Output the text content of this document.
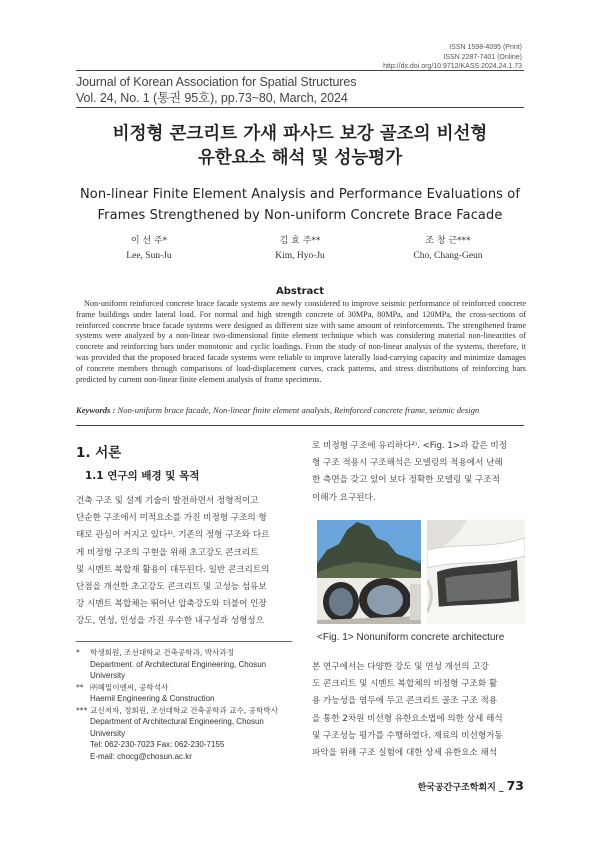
ISSN 1598-4095 (Print)
ISSN 2287-7401 (Online)
http://dx.doi.org/10.9712/KASS.2024.24.1.73
Journal of Korean Association for Spatial Structures
Vol. 24, No. 1 (통권 95호), pp.73~80, March, 2024
비정형 콘크리트 가새 파사드 보강 골조의 비선형
유한요소 해석 및 성능평가
Non-linear Finite Element Analysis and Performance Evaluations of
Frames Strengthened by Non-uniform Concrete Brace Facade
이 선 주*
Lee, Sun-Ju
김 효 주**
Kim, Hyo-Ju
조 창 근***
Cho, Chang-Geun
Abstract
Non-uniform reinforced concrete brace facade systems are newly considered to improve seismic performance of reinforced concrete frame buildings under lateral load. For normal and high strength concrete of 30MPa, 80MPa, and 120MPa, the cross-sections of reinforced concrete brace facade systems were designed as different size with same amount of reinforcements. The strengthened frame systems were analyzed by a non-linear two-dimensional finite element technique which was considering material non-linearities of concrete and reinforcing bars under monotonic and cyclic loadings. From the study of non-linear analysis of the systems, therefore, it was provided that the proposed braced facade systems were reliable to improve laterally load-carrying capacity and minimize damages of concrete members through comparisons of load-displacement curves, crack patterns, and stress distributions of reinforcing bars predicted by current non-linear finite element analysis of frame specimens.
Keywords : Non-uniform brace facade, Non-linear finite element analysis, Reinforced concrete frame, seismic design
1. 서론
1.1 연구의 배경 및 목적
건축 구조 및 설계 기술이 발전하면서 정형적이고
단순한 구조에서 미적요소를 가진 비정형 구조의 형
태로 관심이 커지고 있다¹⁾. 기존의 정형 구조와 다르
게 비정형 구조의 구현을 위해 초고강도 콘크리트
및 시멘트 복합재 활용이 대두된다. 일반 콘크리트의
단점을 개선한 초고강도 콘크리트 및 고성능 섬유보
강 시멘트 복합체는 뛰어난 압축강도와 더불어 인장
강도, 연성, 인성을 가진 우수한 내구성과 성형성으
로 비정형 구조에 유리하다²⁾. <Fig. 1>과 같은 비정
형 구조 적용시 구조해석은 모델링의 적용에서 난해
한 측면을 갖고 있어 보다 정확한 모델링 및 구조적
이해가 요구된다.
<Fig. 1> Nonuniform concrete architecture
본 연구에서는 다양한 강도 및 연성 개선의 고강
도 콘크리트 및 시멘트 복합체의 비정형 구조화 활
용 가능성을 염두에 두고 콘크리트 골조 구조 적용
을 통한 2차원 비선형 유한요소법에 의한 상세 해석
및 구조성능 평가를 수행하였다. 재료의 비선형거동
파악을 위해 구조 실험에 대한 상세 유한요소 해석
* 학생회원, 조선대학교 건축공학과, 박사과정
Department. of Architectural Engineering, Chosun
University
** ㈜헤밀이엔씨, 공학석사
Haemil Engineering & Construction
*** 교신저자, 정회원, 조선대학교 건축공학과 교수, 공학박사
Department of Architectural Engineering, Chosun
University
Tel: 062-230-7023 Fax: 062-230-7155
E-mail: chocg@chosun.ac.kr
한국공간구조학회지 _ 73
